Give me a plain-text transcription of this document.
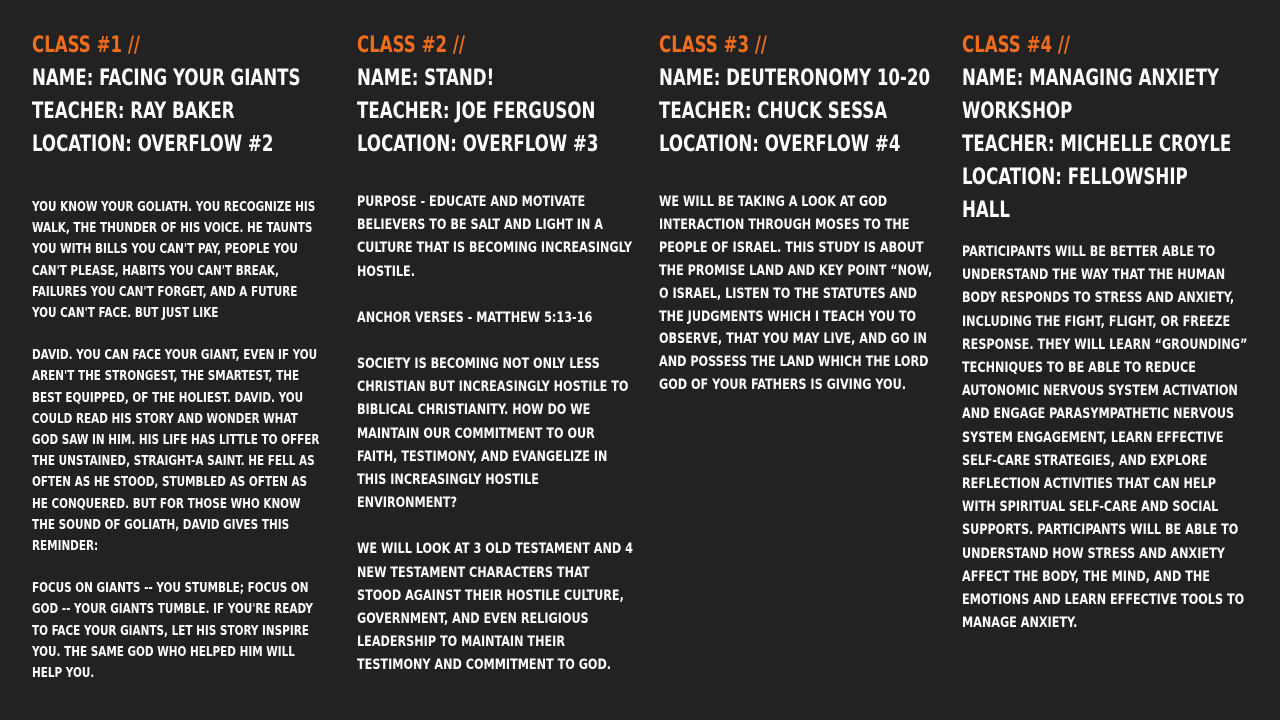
CLASS #1 //
NAME: FACING YOUR GIANTS
TEACHER: RAY BAKER
LOCATION: OVERFLOW #2

YOU KNOW YOUR GOLIATH. YOU RECOGNIZE HIS WALK, THE THUNDER OF HIS VOICE. HE TAUNTS YOU WITH BILLS YOU CAN'T PAY, PEOPLE YOU CAN'T PLEASE, HABITS YOU CAN'T BREAK, FAILURES YOU CAN'T FORGET, AND A FUTURE YOU CAN'T FACE. BUT JUST LIKE

DAVID. YOU CAN FACE YOUR GIANT, EVEN IF YOU AREN'T THE STRONGEST, THE SMARTEST, THE BEST EQUIPPED, OF THE HOLIEST. DAVID. YOU COULD READ HIS STORY AND WONDER WHAT GOD SAW IN HIM. HIS LIFE HAS LITTLE TO OFFER THE UNSTAINED, STRAIGHT-A SAINT. HE FELL AS OFTEN AS HE STOOD, STUMBLED AS OFTEN AS HE CONQUERED. BUT FOR THOSE WHO KNOW THE SOUND OF GOLIATH, DAVID GIVES THIS REMINDER:

FOCUS ON GIANTS -- YOU STUMBLE; FOCUS ON GOD -- YOUR GIANTS TUMBLE. IF YOU'RE READY TO FACE YOUR GIANTS, LET HIS STORY INSPIRE YOU. THE SAME GOD WHO HELPED HIM WILL HELP YOU.

CLASS #2 //
NAME: STAND!
TEACHER: JOE FERGUSON
LOCATION: OVERFLOW #3

PURPOSE - EDUCATE AND MOTIVATE BELIEVERS TO BE SALT AND LIGHT IN A CULTURE THAT IS BECOMING INCREASINGLY HOSTILE.

ANCHOR VERSES - MATTHEW 5:13-16

SOCIETY IS BECOMING NOT ONLY LESS CHRISTIAN BUT INCREASINGLY HOSTILE TO BIBLICAL CHRISTIANITY. HOW DO WE MAINTAIN OUR COMMITMENT TO OUR FAITH, TESTIMONY, AND EVANGELIZE IN THIS INCREASINGLY HOSTILE ENVIRONMENT?

WE WILL LOOK AT 3 OLD TESTAMENT AND 4 NEW TESTAMENT CHARACTERS THAT STOOD AGAINST THEIR HOSTILE CULTURE, GOVERNMENT, AND EVEN RELIGIOUS LEADERSHIP TO MAINTAIN THEIR TESTIMONY AND COMMITMENT TO GOD.

CLASS #3 //
NAME: DEUTERONOMY 10-20
TEACHER: CHUCK SESSA
LOCATION: OVERFLOW #4

WE WILL BE TAKING A LOOK AT GOD INTERACTION THROUGH MOSES TO THE PEOPLE OF ISRAEL. THIS STUDY IS ABOUT THE PROMISE LAND AND KEY POINT “NOW, O ISRAEL, LISTEN TO THE STATUTES AND THE JUDGMENTS WHICH I TEACH YOU TO OBSERVE, THAT YOU MAY LIVE, AND GO IN AND POSSESS THE LAND WHICH THE LORD GOD OF YOUR FATHERS IS GIVING YOU.

CLASS #4 //
NAME: MANAGING ANXIETY
WORKSHOP
TEACHER: MICHELLE CROYLE
LOCATION: FELLOWSHIP
HALL

PARTICIPANTS WILL BE BETTER ABLE TO UNDERSTAND THE WAY THAT THE HUMAN BODY RESPONDS TO STRESS AND ANXIETY, INCLUDING THE FIGHT, FLIGHT, OR FREEZE RESPONSE. THEY WILL LEARN “GROUNDING” TECHNIQUES TO BE ABLE TO REDUCE AUTONOMIC NERVOUS SYSTEM ACTIVATION AND ENGAGE PARASYMPATHETIC NERVOUS SYSTEM ENGAGEMENT, LEARN EFFECTIVE SELF-CARE STRATEGIES, AND EXPLORE REFLECTION ACTIVITIES THAT CAN HELP WITH SPIRITUAL SELF-CARE AND SOCIAL SUPPORTS. PARTICIPANTS WILL BE ABLE TO UNDERSTAND HOW STRESS AND ANXIETY AFFECT THE BODY, THE MIND, AND THE EMOTIONS AND LEARN EFFECTIVE TOOLS TO MANAGE ANXIETY.
